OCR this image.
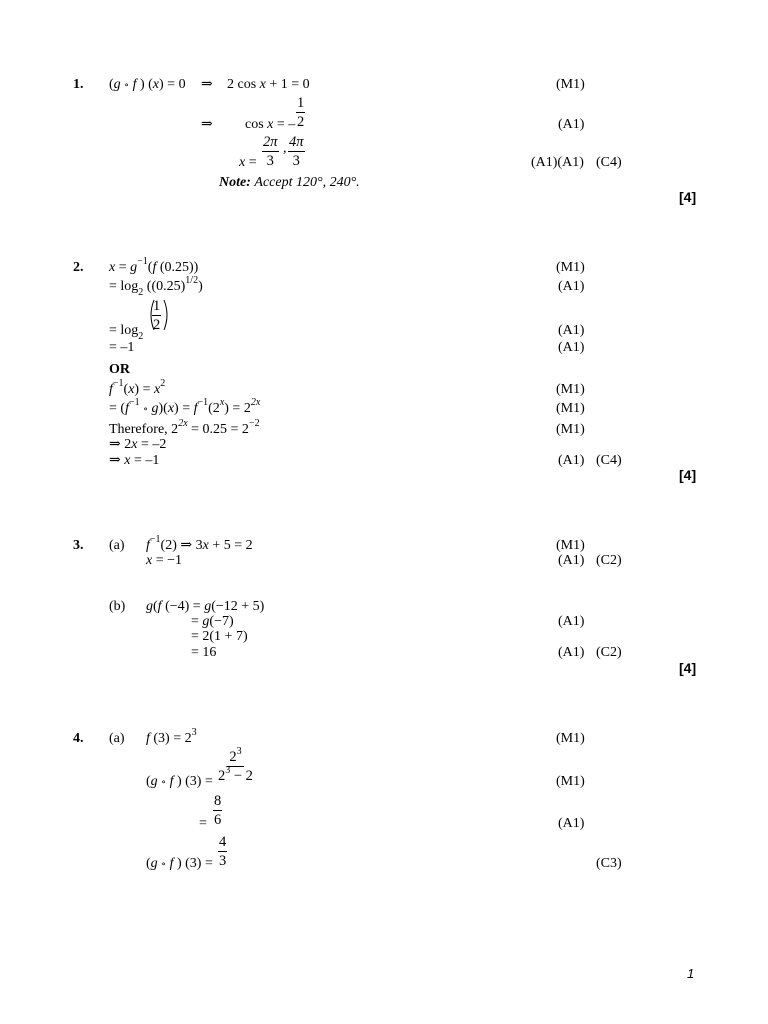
1. (g ∘ f ) (x) = 0 ⇒ 2 cos x + 1 = 0	(M1)
⇒ cos x = – $\frac{1}{2}$	(A1)
$x = \frac{2\pi}{3}$ , $\frac{4\pi}{3}$	(A1)(A1) (C4)
Note: Accept 120°, 240°.
[4]
2. $x = g^{-1}(f$ (0.25))	(M1)
= $\log_2 ((0.25)^{1/2})$	(A1)
= $\log_2$
$\frac{1}{2}$	(A1)
= –1	(A1)
OR
$f^{-1}(x) = x^2$	(M1)
= ($f^{-1}$ ∘ $g)(x) = f^{-1}(2^x) = 2^{2x}$	(M1)
Therefore, $2^{2x} = 0.25 = 2^{-2}$	(M1)
⇒ 2x = –2
⇒ x = –1	(A1) (C4)
[4]
3. (a) $f^{-1}(2)$ ⇒ 3x + 5 = 2	(M1)
x = −1	(A1) (C2)
(b) g(f (−4) = g(−12 + 5)
= g(−7)	(A1)
= 2(1 + 7)
= 16	(A1) (C2)
[4]
4. (a) f $(3) = 2^3$	(M1)
(g ∘ f ) $(3) = \frac{2^3}{2^3 - 2}$	(M1)
= $\frac{8}{6}$	(A1)
(g ∘ f ) $(3) = \frac{4}{3}$	(C3)
1
